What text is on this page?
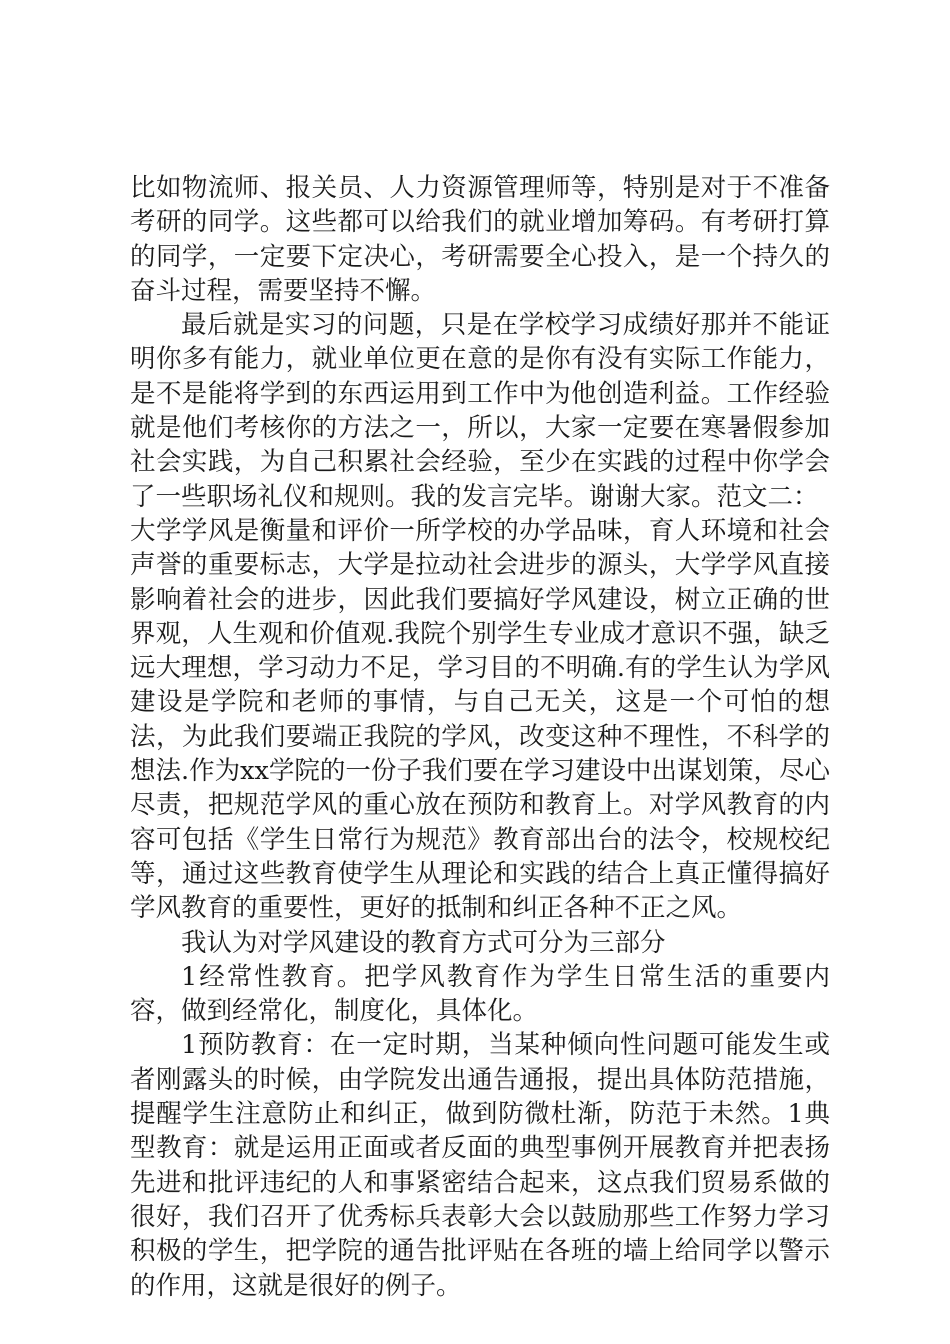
比如物流师、报关员、人力资源管理师等，特别是对于不准备考研的同学。这些都可以给我们的就业增加筹码。有考研打算的同学，一定要下定决心，考研需要全心投入，是一个持久的奋斗过程，需要坚持不懈。

最后就是实习的问题，只是在学校学习成绩好那并不能证明你多有能力，就业单位更在意的是你有没有实际工作能力，是不是能将学到的东西运用到工作中为他创造利益。工作经验就是他们考核你的方法之一，所以，大家一定要在寒暑假参加社会实践，为自己积累社会经验，至少在实践的过程中你学会了一些职场礼仪和规则。我的发言完毕。谢谢大家。范文二：

大学学风是衡量和评价一所学校的办学品味，育人环境和社会声誉的重要标志，大学是拉动社会进步的源头，大学学风直接影响着社会的进步，因此我们要搞好学风建设，树立正确的世界观，人生观和价值观.我院个别学生专业成才意识不强，缺乏远大理想，学习动力不足，学习目的不明确.有的学生认为学风建设是学院和老师的事情，与自己无关，这是一个可怕的想法，为此我们要端正我院的学风，改变这种不理性，不科学的想法.作为xx学院的一份子我们要在学习建设中出谋划策，尽心尽责，把规范学风的重心放在预防和教育上。对学风教育的内容可包括《学生日常行为规范》教育部出台的法令，校规校纪等，通过这些教育使学生从理论和实践的结合上真正懂得搞好学风教育的重要性，更好的抵制和纠正各种不正之风。

我认为对学风建设的教育方式可分为三部分

1经常性教育。把学风教育作为学生日常生活的重要内容，做到经常化，制度化，具体化。

1预防教育：在一定时期，当某种倾向性问题可能发生或者刚露头的时候，由学院发出通告通报，提出具体防范措施，提醒学生注意防止和纠正，做到防微杜渐，防范于未然。1典型教育：就是运用正面或者反面的典型事例开展教育并把表扬先进和批评违纪的人和事紧密结合起来，这点我们贸易系做的很好，我们召开了优秀标兵表彰大会以鼓励那些工作努力学习积极的学生，把学院的通告批评贴在各班的墙上给同学以警示的作用，这就是很好的例子。
